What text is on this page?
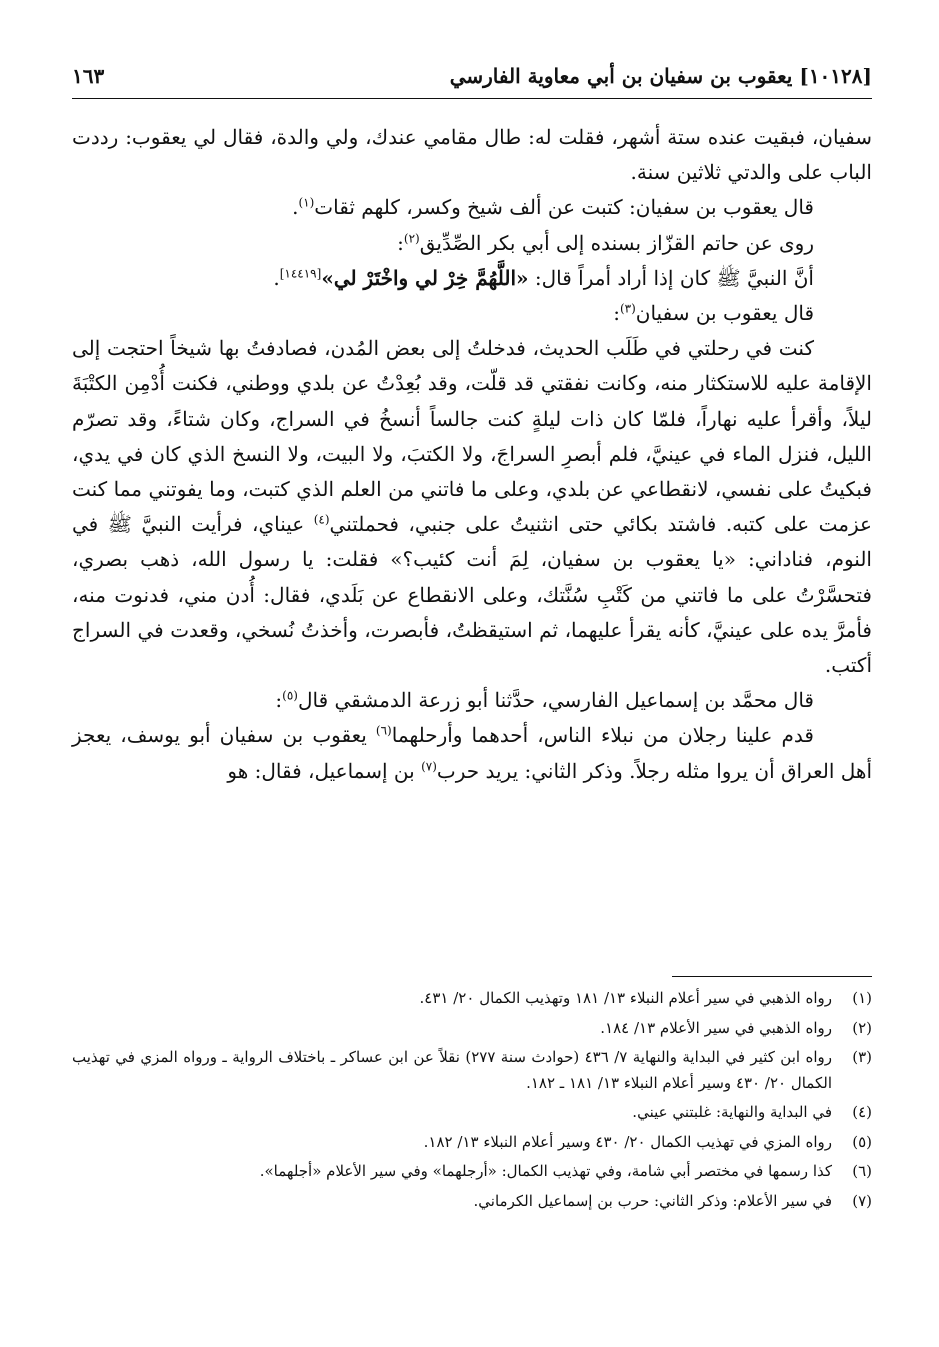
[١٠١٢٨] يعقوب بن سفيان بن أبي معاوية الفارسي
١٦٣

سفيان، فبقيت عنده ستة أشهر، فقلت له: طال مقامي عندك، ولي والدة، فقال لي يعقوب: رددت الباب على والدتي ثلاثين سنة.

قال يعقوب بن سفيان: كتبت عن ألف شيخ وكسر، كلهم ثقات$^{(١)}$.

روى عن حاتم القزّاز بسنده إلى أبي بكر الصِّدِّيق$^{(٢)}$:

أنَّ النبيَّ ﷺ كان إذا أراد أمراً قال: «اللَّهُمَّ خِرْ لي واخْتَرْ لي»[١٤٤١٩].

قال يعقوب بن سفيان$^{(٣)}$:

كنت في رحلتي في طَلَب الحديث، فدخلتُ إلى بعض المُدن، فصادفتُ بها شيخاً احتجت إلى الإقامة عليه للاستكثار منه، وكانت نفقتي قد قلّت، وقد بُعِدْتُ عن بلدي ووطني، فكنت أُدْمِن الكتْبَةَ ليلاً، وأقرأ عليه نهاراً، فلمّا كان ذات ليلةٍ كنت جالساً أنسخُ في السراج، وكان شتاءً، وقد تصرّم الليل، فنزل الماء في عينيَّ، فلم أبصرِ السراجَ، ولا الكتبَ، ولا البيت، ولا النسخ الذي كان في يدي، فبكيتُ على نفسي، لانقطاعي عن بلدي، وعلى ما فاتني من العلم الذي كتبت، وما يفوتني مما كنت عزمت على كتبه. فاشتد بكائي حتى انثنيتُ على جنبي، فحملتني$^{(٤)}$ عيناي، فرأيت النبيَّ ﷺ في النوم، فناداني: «يا يعقوب بن سفيان، لِمَ أنت كئيب؟» فقلت: يا رسول الله، ذهب بصري، فتحسَّرْتُ على ما فاتني من كَتْبِ سُنَّتك، وعلى الانقطاع عن بَلَدي، فقال: أُدن مني، فدنوت منه، فأمرَّ يده على عينيَّ، كأنه يقرأ عليهما، ثم استيقظتُ، فأبصرت، وأخذتُ نُسخي، وقعدت في السراج أكتب.

قال محمَّد بن إسماعيل الفارسي، حدَّثنا أبو زرعة الدمشقي قال$^{(٥)}$:

قدم علينا رجلان من نبلاء الناس، أحدهما وأرحلهما$^{(٦)}$ يعقوب بن سفيان أبو يوسف، يعجز أهل العراق أن يروا مثله رجلاً. وذكر الثاني: يريد حرب$^{(٧)}$ بن إسماعيل، فقال: هو

(١)
رواه الذهبي في سير أعلام النبلاء ١٣/ ١٨١ وتهذيب الكمال ٢٠/ ٤٣١.
(٢)
رواه الذهبي في سير الأعلام ١٣/ ١٨٤.
(٣)
رواه ابن كثير في البداية والنهاية ٧/ ٤٣٦ (حوادث سنة ٢٧٧) نقلاً عن ابن عساكر ـ باختلاف الرواية ـ ورواه المزي في تهذيب الكمال ٢٠/ ٤٣٠ وسير أعلام النبلاء ١٣/ ١٨١ ـ ١٨٢.
(٤)
في البداية والنهاية: غلبتني عيني.
(٥)
رواه المزي في تهذيب الكمال ٢٠/ ٤٣٠ وسير أعلام النبلاء ١٣/ ١٨٢.
(٦)
كذا رسمها في مختصر أبي شامة، وفي تهذيب الكمال: «أرجلهما» وفي سير الأعلام «أجلهما».
(٧)
في سير الأعلام: وذكر الثاني: حرب بن إسماعيل الكرماني.
